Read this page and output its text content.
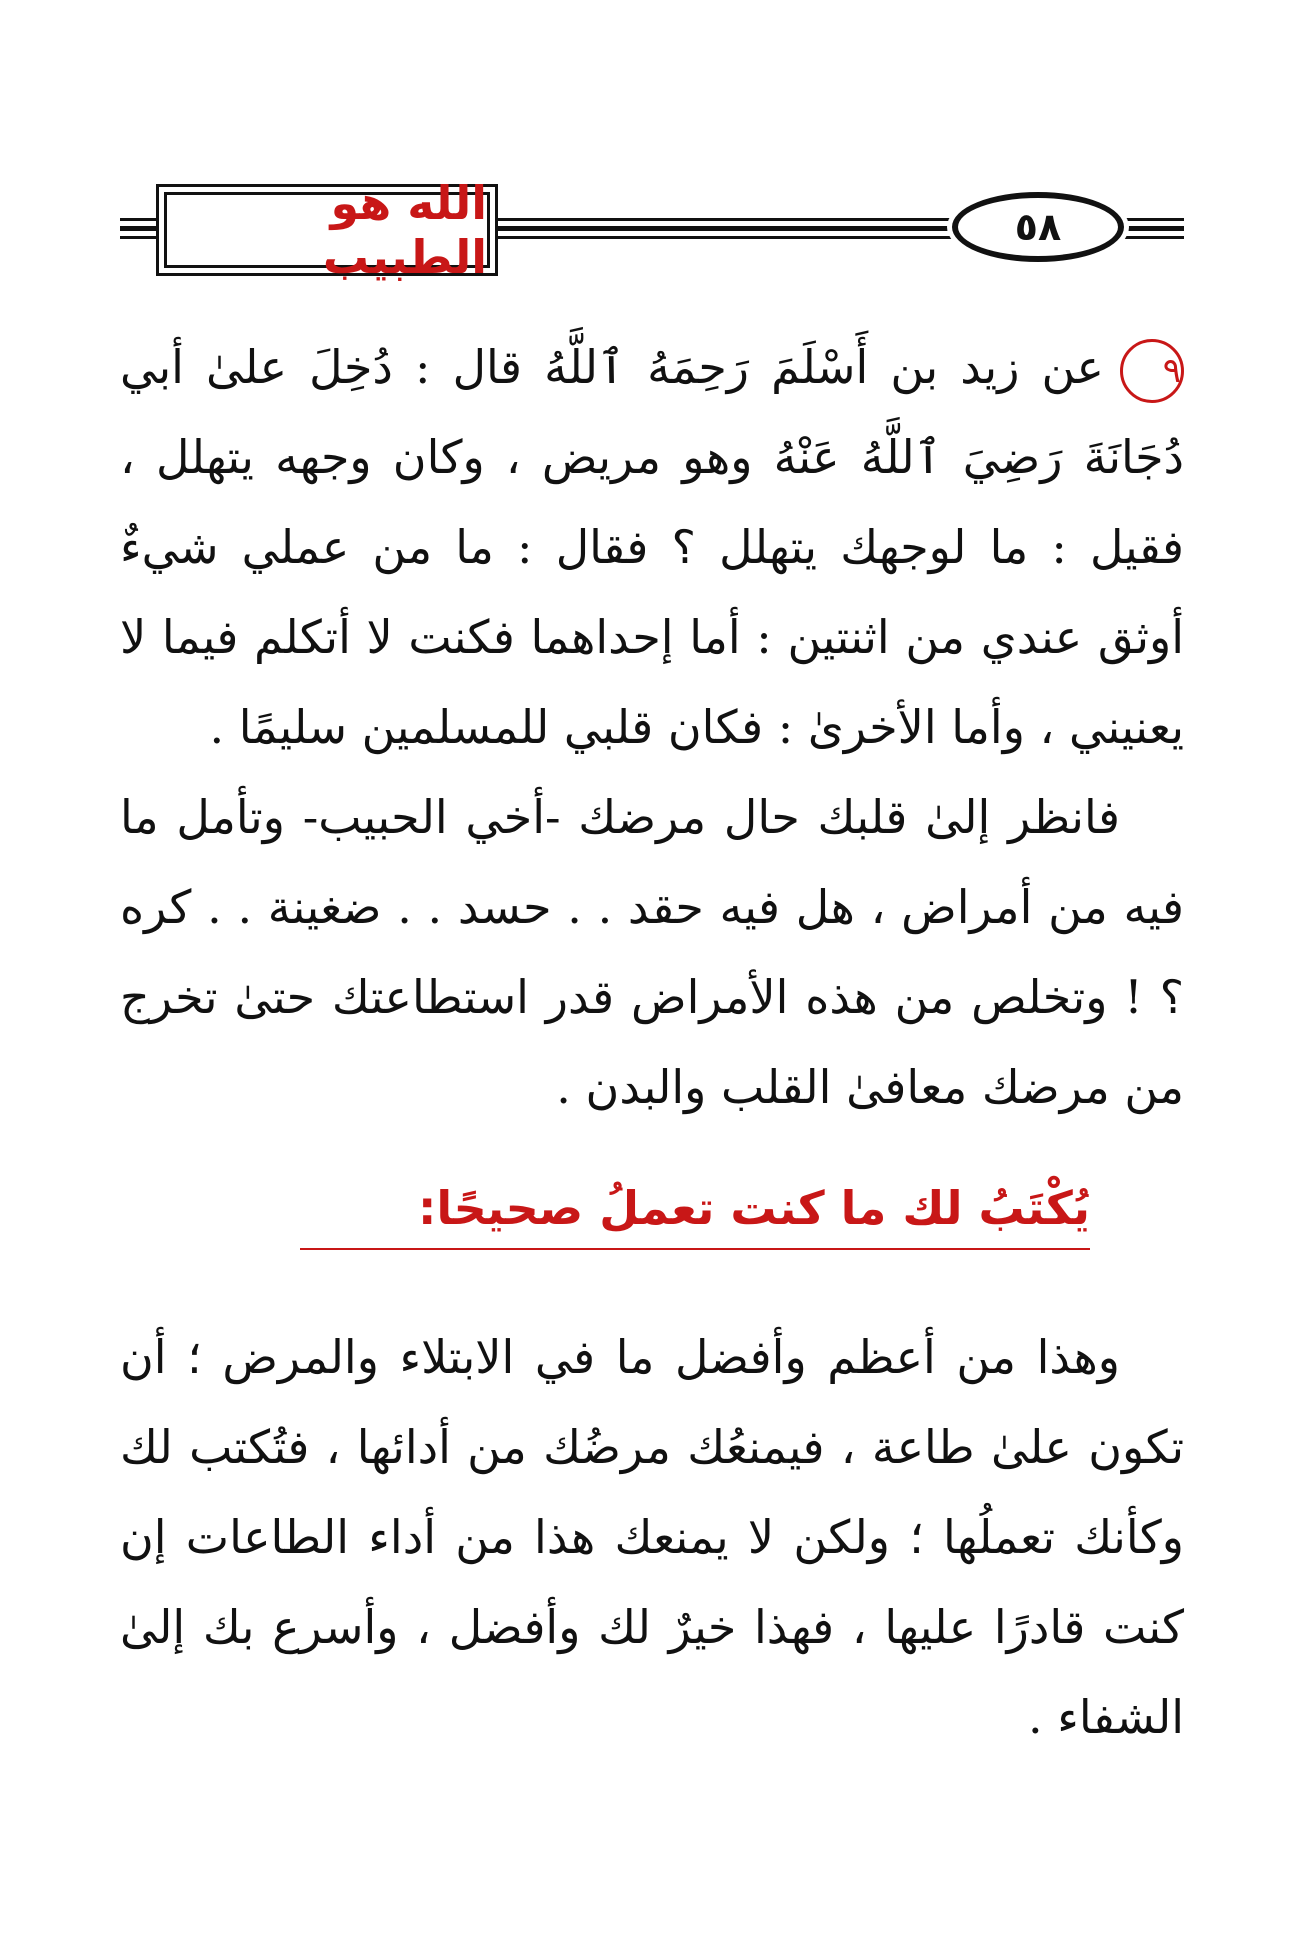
الله هو الطبيب
٥٨
٩عن زيد بن أَسْلَمَ رَحِمَهُ ٱللَّهُ قال : دُخِلَ علىٰ أبي دُجَانَةَ رَضِيَ ٱللَّهُ عَنْهُ وهو مريض ، وكان وجهه يتهلل ، فقيل : ما لوجهك يتهلل ؟ فقال : ما من عملي شيءٌ أوثق عندي من اثنتين : أما إحداهما فكنت لا أتكلم فيما لا يعنيني ، وأما الأخرىٰ : فكان قلبي للمسلمين سليمًا .
فانظر إلىٰ قلبك حال مرضك -أخي الحبيب- وتأمل ما فيه من أمراض ، هل فيه حقد . . حسد . . ضغينة . . كره ؟ ! وتخلص من هذه الأمراض قدر استطاعتك حتىٰ تخرج من مرضك معافىٰ القلب والبدن .
يُكْتَبُ لك ما كنت تعملُ صحيحًا:
وهذا من أعظم وأفضل ما في الابتلاء والمرض ؛ أن تكون علىٰ طاعة ، فيمنعُك مرضُك من أدائها ، فتُكتب لك وكأنك تعملُها ؛ ولكن لا يمنعك هذا من أداء الطاعات إن كنت قادرًا عليها ، فهذا خيرٌ لك وأفضل ، وأسرع بك إلىٰ الشفاء .
